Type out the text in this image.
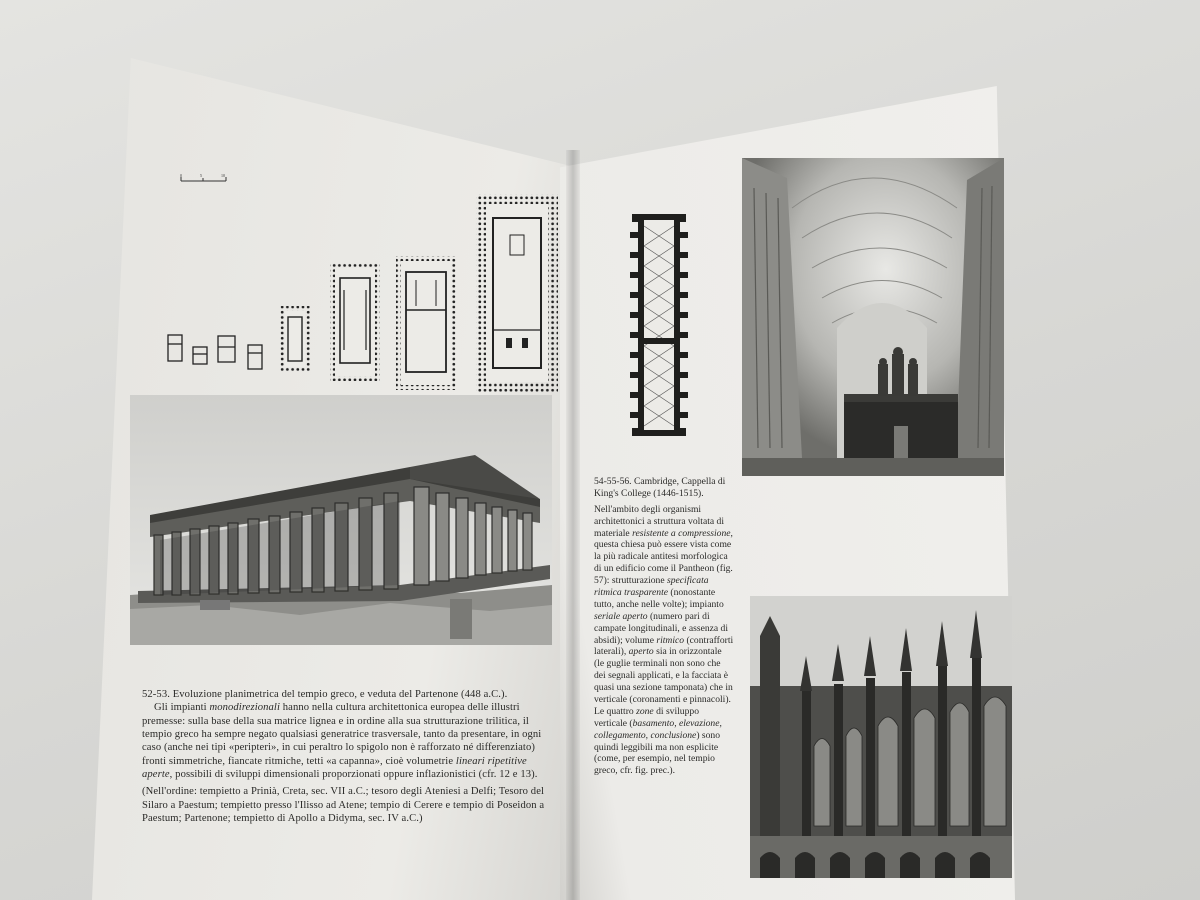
0	5	10

52-53. Evoluzione planimetrica del tempio greco, e veduta del Partenone (448 a.C.).

Gli impianti monodirezionali hanno nella cultura architettonica europea delle illustri premesse: sulla base della sua matrice lignea e in ordine alla sua strutturazione trilitica, il tempio greco ha sempre negato qualsiasi generatrice trasversale, tanto da presentare, in ogni caso (anche nei tipi «peripteri», in cui peraltro lo spigolo non è rafforzato né differenziato) fronti simmetriche, fiancate ritmiche, tetti «a capanna», cioè volumetrie lineari ripetitive aperte, possibili di sviluppi dimensionali proporzionati oppure inflazionistici (cfr. 12 e 13).

(Nell'ordine: tempietto a Prinià, Creta, sec. VII a.C.; tesoro degli Ateniesi a Delfi; Tesoro del Silaro a Paestum; tempietto presso l'Ilisso ad Atene; tempio di Cerere e tempio di Poseidon a Paestum; Partenone; tempietto di Apollo a Didyma, sec. IV a.C.)

54-55-56. Cambridge, Cappella di King's College (1446-1515).

Nell'ambito degli organismi architettonici a struttura voltata di materiale resistente a compressione, questa chiesa può essere vista come la più radicale antitesi morfologica di un edificio come il Pantheon (fig. 57): strutturazione specificata ritmica trasparente (nonostante tutto, anche nelle volte); impianto seriale aperto (numero pari di campate longitudinali, e assenza di absidi); volume ritmico (contrafforti laterali), aperto sia in orizzontale (le guglie terminali non sono che dei segnali applicati, e la facciata è quasi una sezione tamponata) che in verticale (coronamenti e pinnacoli). Le quattro zone di sviluppo verticale (basamento, elevazione, collegamento, conclusione) sono quindi leggibili ma non esplicite (come, per esempio, nel tempio greco, cfr. fig. prec.).
